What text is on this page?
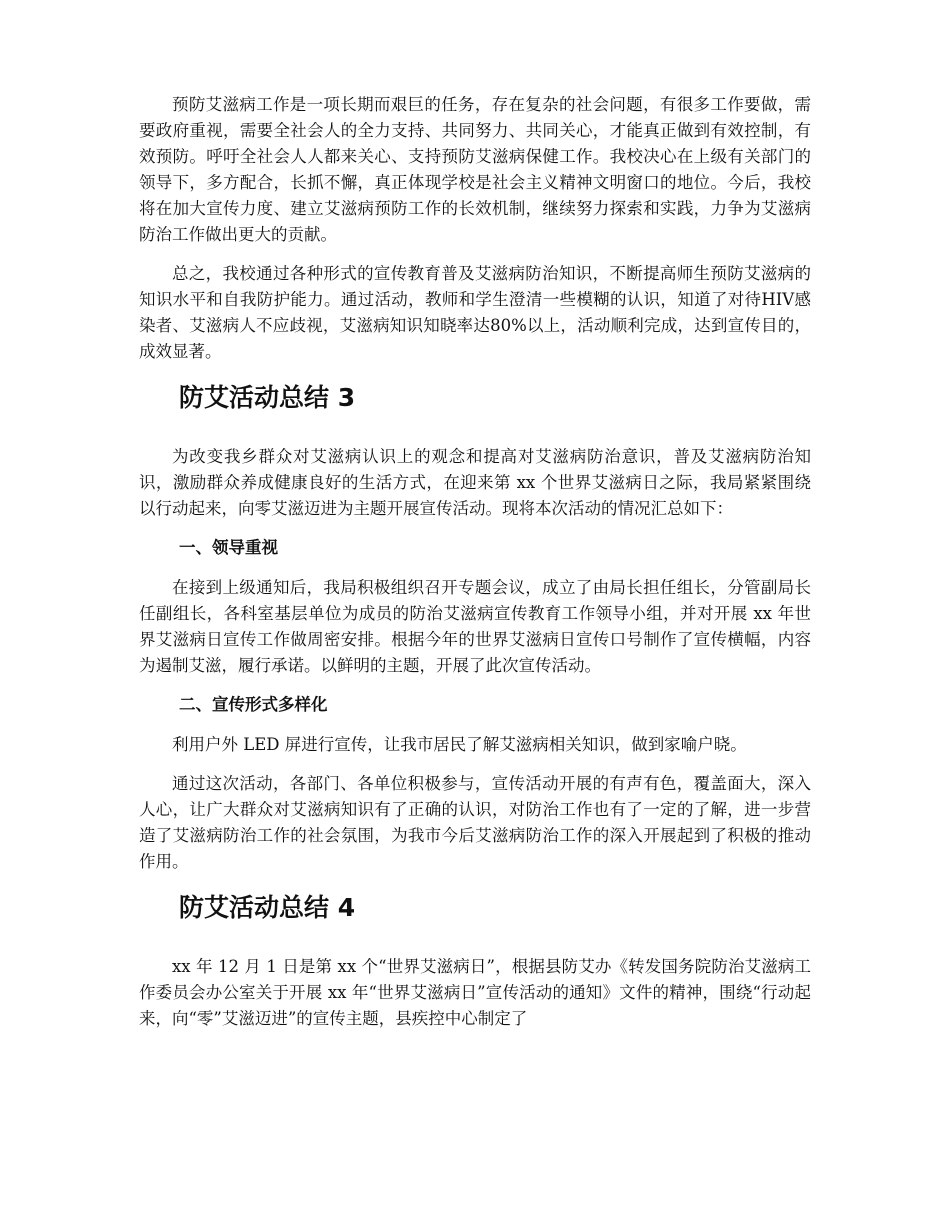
预防艾滋病工作是一项长期而艰巨的任务，存在复杂的社会问题，有很多工作要做，需要政府重视，需要全社会人的全力支持、共同努力、共同关心，才能真正做到有效控制，有效预防。呼吁全社会人人都来关心、支持预防艾滋病保健工作。我校决心在上级有关部门的领导下，多方配合，长抓不懈，真正体现学校是社会主义精神文明窗口的地位。今后，我校将在加大宣传力度、建立艾滋病预防工作的长效机制，继续努力探索和实践，力争为艾滋病防治工作做出更大的贡献。

总之，我校通过各种形式的宣传教育普及艾滋病防治知识，不断提高师生预防艾滋病的知识水平和自我防护能力。通过活动，教师和学生澄清一些模糊的认识，知道了对待HIV感染者、艾滋病人不应歧视，艾滋病知识知晓率达80%以上，活动顺利完成，达到宣传目的，成效显著。

防艾活动总结 3

为改变我乡群众对艾滋病认识上的观念和提高对艾滋病防治意识，普及艾滋病防治知识，激励群众养成健康良好的生活方式，在迎来第 xx 个世界艾滋病日之际，我局紧紧围绕以行动起来，向零艾滋迈进为主题开展宣传活动。现将本次活动的情况汇总如下：

一、领导重视

在接到上级通知后，我局积极组织召开专题会议，成立了由局长担任组长，分管副局长任副组长，各科室基层单位为成员的防治艾滋病宣传教育工作领导小组，并对开展 xx 年世界艾滋病日宣传工作做周密安排。根据今年的世界艾滋病日宣传口号制作了宣传横幅，内容为遏制艾滋，履行承诺。以鲜明的主题，开展了此次宣传活动。

二、宣传形式多样化

利用户外 LED 屏进行宣传，让我市居民了解艾滋病相关知识，做到家喻户晓。

通过这次活动，各部门、各单位积极参与，宣传活动开展的有声有色，覆盖面大，深入人心，让广大群众对艾滋病知识有了正确的认识，对防治工作也有了一定的了解，进一步营造了艾滋病防治工作的社会氛围，为我市今后艾滋病防治工作的深入开展起到了积极的推动作用。

防艾活动总结 4

xx 年 12 月 1 日是第 xx 个“世界艾滋病日”，根据县防艾办《转发国务院防治艾滋病工作委员会办公室关于开展 xx 年“世界艾滋病日”宣传活动的通知》文件的精神，围绕“行动起来，向“零”艾滋迈进”的宣传主题，县疾控中心制定了
